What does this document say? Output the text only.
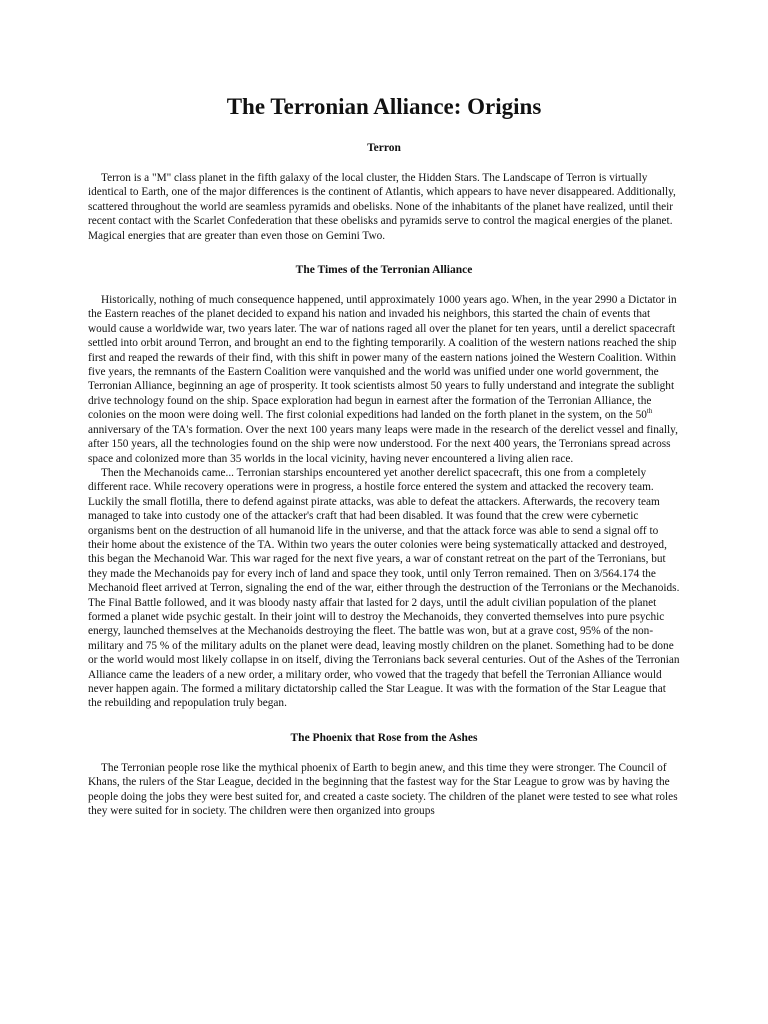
The Terronian Alliance: Origins
Terron

Terron is a "M" class planet in the fifth galaxy of the local cluster, the Hidden Stars. The Landscape of Terron is virtually identical to Earth, one of the major differences is the continent of Atlantis, which appears to have never disappeared. Additionally, scattered throughout the world are seamless pyramids and obelisks. None of the inhabitants of the planet have realized, until their recent contact with the Scarlet Confederation that these obelisks and pyramids serve to control the magical energies of the planet. Magical energies that are greater than even those on Gemini Two.

The Times of the Terronian Alliance

Historically, nothing of much consequence happened, until approximately 1000 years ago. When, in the year 2990 a Dictator in the Eastern reaches of the planet decided to expand his nation and invaded his neighbors, this started the chain of events that would cause a worldwide war, two years later. The war of nations raged all over the planet for ten years, until a derelict spacecraft settled into orbit around Terron, and brought an end to the fighting temporarily. A coalition of the western nations reached the ship first and reaped the rewards of their find, with this shift in power many of the eastern nations joined the Western Coalition. Within five years, the remnants of the Eastern Coalition were vanquished and the world was unified under one world government, the Terronian Alliance, beginning an age of prosperity. It took scientists almost 50 years to fully understand and integrate the sublight drive technology found on the ship. Space exploration had begun in earnest after the formation of the Terronian Alliance, the colonies on the moon were doing well. The first colonial expeditions had landed on the forth planet in the system, on the 50th anniversary of the TA's formation. Over the next 100 years many leaps were made in the research of the derelict vessel and finally, after 150 years, all the technologies found on the ship were now understood. For the next 400 years, the Terronians spread across space and colonized more than 35 worlds in the local vicinity, having never encountered a living alien race.

Then the Mechanoids came... Terronian starships encountered yet another derelict spacecraft, this one from a completely different race. While recovery operations were in progress, a hostile force entered the system and attacked the recovery team. Luckily the small flotilla, there to defend against pirate attacks, was able to defeat the attackers. Afterwards, the recovery team managed to take into custody one of the attacker's craft that had been disabled. It was found that the crew were cybernetic organisms bent on the destruction of all humanoid life in the universe, and that the attack force was able to send a signal off to their home about the existence of the TA. Within two years the outer colonies were being systematically attacked and destroyed, this began the Mechanoid War. This war raged for the next five years, a war of constant retreat on the part of the Terronians, but they made the Mechanoids pay for every inch of land and space they took, until only Terron remained. Then on 3/564.174 the Mechanoid fleet arrived at Terron, signaling the end of the war, either through the destruction of the Terronians or the Mechanoids. The Final Battle followed, and it was bloody nasty affair that lasted for 2 days, until the adult civilian population of the planet formed a planet wide psychic gestalt. In their joint will to destroy the Mechanoids, they converted themselves into pure psychic energy, launched themselves at the Mechanoids destroying the fleet. The battle was won, but at a grave cost, 95% of the non-military and 75 % of the military adults on the planet were dead, leaving mostly children on the planet. Something had to be done or the world would most likely collapse in on itself, diving the Terronians back several centuries. Out of the Ashes of the Terronian Alliance came the leaders of a new order, a military order, who vowed that the tragedy that befell the Terronian Alliance would never happen again. The formed a military dictatorship called the Star League. It was with the formation of the Star League that the rebuilding and repopulation truly began.

The Phoenix that Rose from the Ashes

The Terronian people rose like the mythical phoenix of Earth to begin anew, and this time they were stronger. The Council of Khans, the rulers of the Star League, decided in the beginning that the fastest way for the Star League to grow was by having the people doing the jobs they were best suited for, and created a caste society. The children of the planet were tested to see what roles they were suited for in society. The children were then organized into groups
